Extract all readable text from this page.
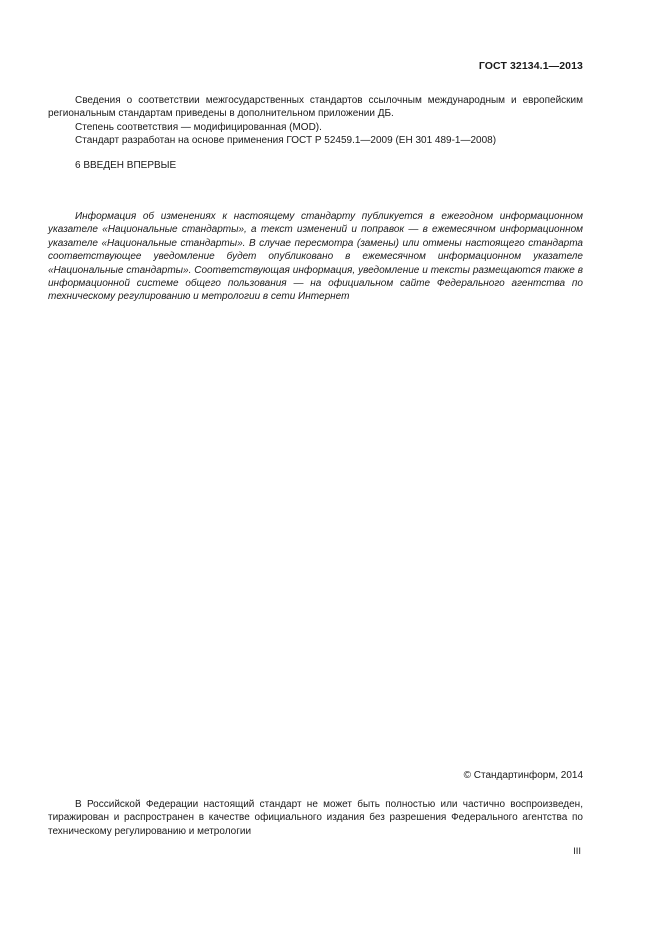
ГОСТ 32134.1—2013

Сведения о соответствии межгосударственных стандартов ссылочным международным и европейским региональным стандартам приведены в дополнительном приложении ДБ.

Степень соответствия — модифицированная (MOD).

Стандарт разработан на основе применения ГОСТ Р 52459.1—2009 (ЕН 301 489-1—2008)

6 ВВЕДЕН ВПЕРВЫЕ

Информация об изменениях к настоящему стандарту публикуется в ежегодном информационном указателе «Национальные стандарты», а текст изменений и поправок — в ежемесячном информационном указателе «Национальные стандарты». В случае пересмотра (замены) или отмены настоящего стандарта соответствующее уведомление будет опубликовано в ежемесячном информационном указателе «Национальные стандарты». Соответствующая информация, уведомление и тексты размещаются также в информационной системе общего пользования — на официальном сайте Федерального агентства по техническому регулированию и метрологии в сети Интернет

© Стандартинформ, 2014

В Российской Федерации настоящий стандарт не может быть полностью или частично воспроизведен, тиражирован и распространен в качестве официального издания без разрешения Федерального агентства по техническому регулированию и метрологии

III
